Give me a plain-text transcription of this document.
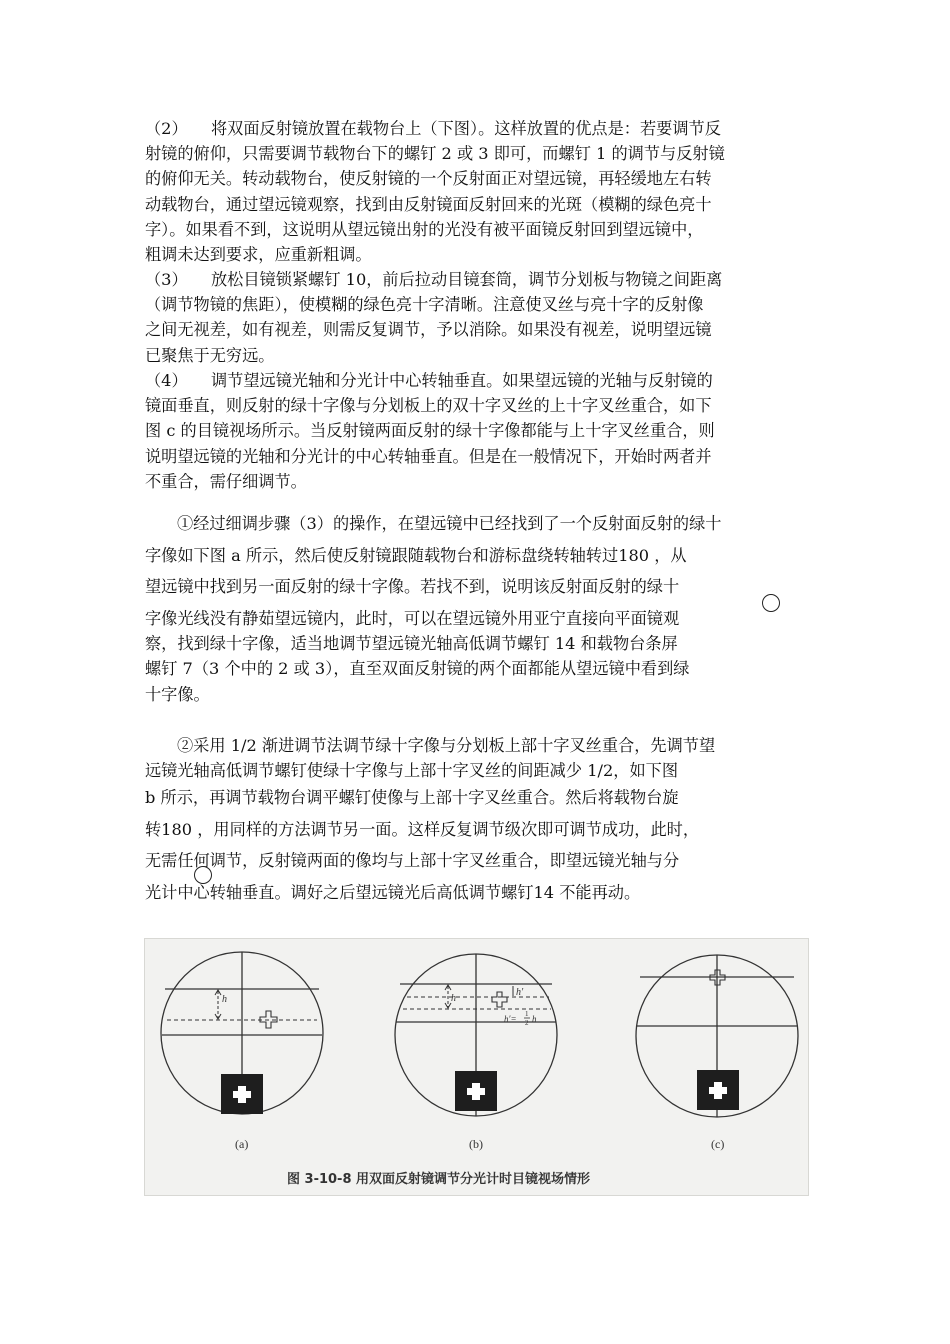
（2） 将双面反射镜放置在载物台上（下图）。这样放置的优点是：若要调节反
射镜的俯仰，只需要调节载物台下的螺钉 2 或 3 即可，而螺钉 1 的调节与反射镜
的俯仰无关。转动载物台，使反射镜的一个反射面正对望远镜，再轻缓地左右转
动载物台，通过望远镜观察，找到由反射镜面反射回来的光斑（模糊的绿色亮十
字）。如果看不到，这说明从望远镜出射的光没有被平面镜反射回到望远镜中，
粗调未达到要求，应重新粗调。
（3） 放松目镜锁紧螺钉 10，前后拉动目镜套筒，调节分划板与物镜之间距离
（调节物镜的焦距），使模糊的绿色亮十字清晰。注意使叉丝与亮十字的反射像
之间无视差，如有视差，则需反复调节，予以消除。如果没有视差，说明望远镜
已聚焦于无穷远。
（4） 调节望远镜光轴和分光计中心转轴垂直。如果望远镜的光轴与反射镜的
镜面垂直，则反射的绿十字像与分划板上的双十字叉丝的上十字叉丝重合，如下
图 c 的目镜视场所示。当反射镜两面反射的绿十字像都能与上十字叉丝重合，则
说明望远镜的光轴和分光计的中心转轴垂直。但是在一般情况下，开始时两者并
不重合，需仔细调节。
①经过细调步骤（3）的操作，在望远镜中已经找到了一个反射面反射的绿十
字像如下图 a 所示，然后使反射镜跟随载物台和游标盘绕转轴转过180 ，从
望远镜中找到另一面反射的绿十字像。若找不到，说明该反射面反射的绿十
字像光线没有静茹望远镜内，此时，可以在望远镜外用亚宁直接向平面镜观
察，找到绿十字像，适当地调节望远镜光轴高低调节螺钉 14 和载物台条屏
螺钉 7（3 个中的 2 或 3），直至双面反射镜的两个面都能从望远镜中看到绿
十字像。
②采用 1/2 渐进调节法调节绿十字像与分划板上部十字叉丝重合，先调节望
远镜光轴高低调节螺钉使绿十字像与上部十字叉丝的间距减少 1/2，如下图
b 所示，再调节载物台调平螺钉使像与上部十字叉丝重合。然后将载物台旋
转180 ，用同样的方法调节另一面。这样反复调节级次即可调节成功，此时，
无需任何调节，反射镜两面的像均与上部十字叉丝重合，即望远镜光轴与分
光计中心转轴垂直。调好之后望远镜光后高低调节螺钉14 不能再动。
h
(a)
h
h′
h′= 1
2 h
(b)	(c)
图 3-10-8 用双面反射镜调节分光计时目镜视场情形
